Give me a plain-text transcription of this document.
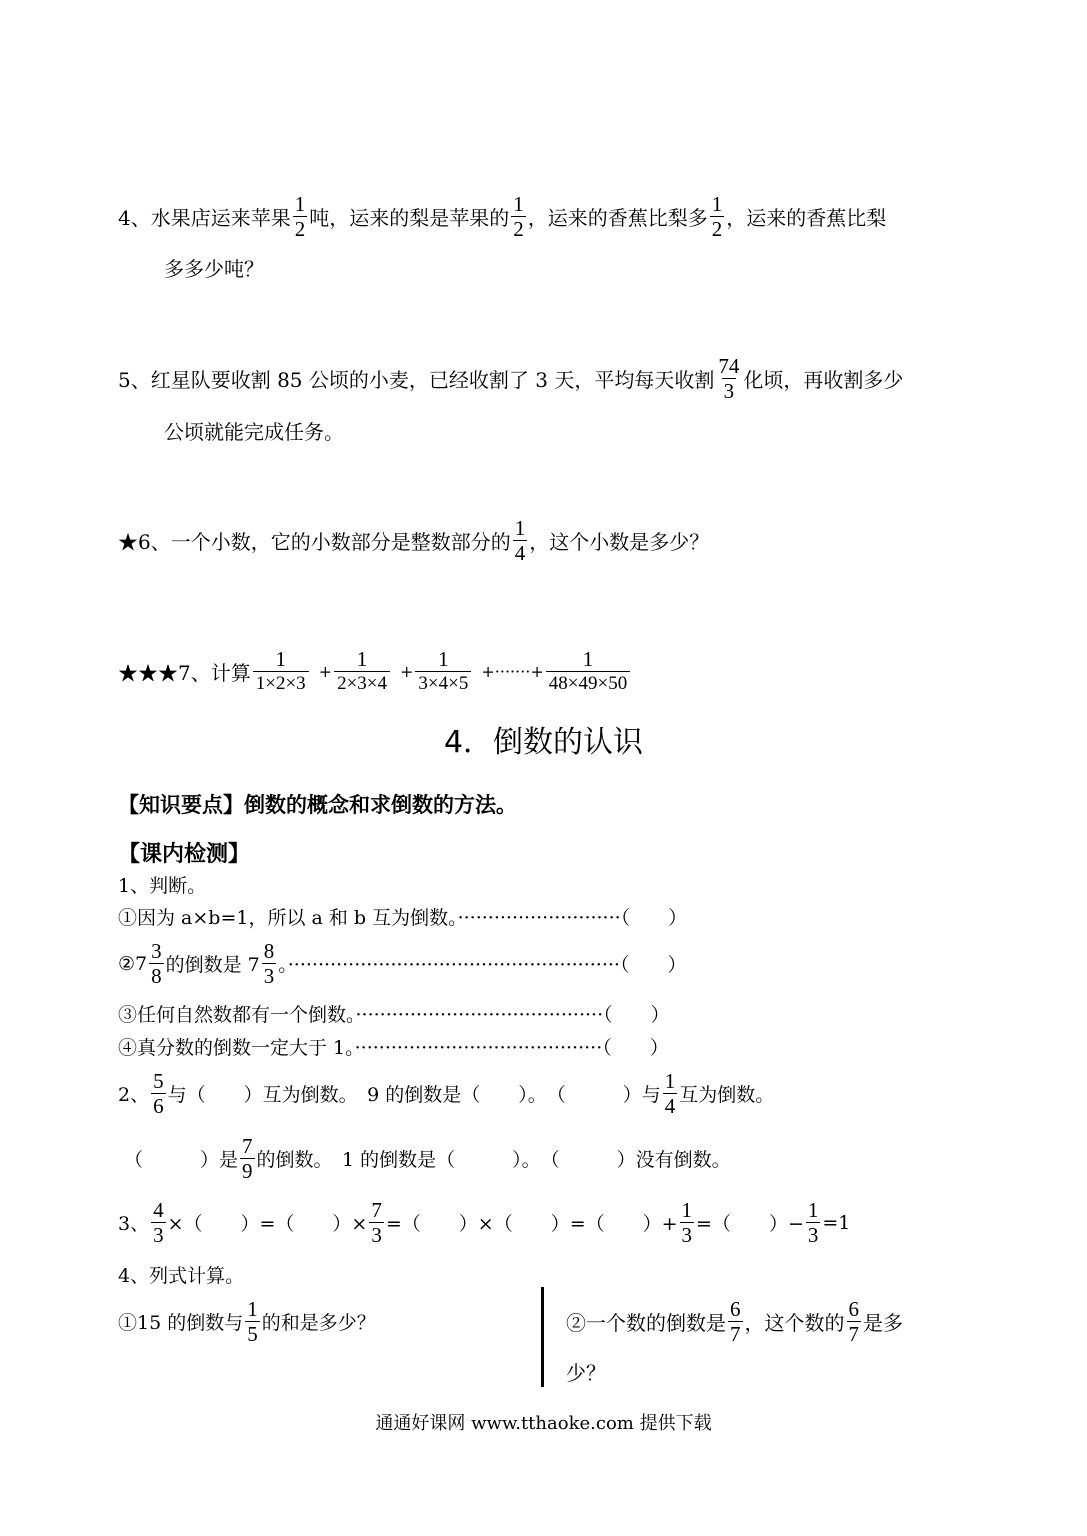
4、水果店运来苹果 $\frac{1}{2}$ 吨，运来的梨是苹果的 $\frac{1}{2}$ ，运来的香蕉比梨多 $\frac{1}{2}$ ，运来的香蕉比梨
多多少吨？
5、红星队要收割 85 公顷的小麦，已经收割了 3 天，平均每天收割 $\frac{74}{3}$ 化顷，再收割多少
公顷就能完成任务。
★6、一个小数，它的小数部分是整数部分的 $\frac{1}{4}$ ，这个小数是多少？
★★★7、计算 $\frac{1}{1\times 2\times 3} + \frac{1}{2\times 3\times 4} + \frac{1}{3\times 4\times 5}$ +·······+ $\frac{1}{48\times 49\times 50}$
4．倒数的认识
【知识要点】 倒数的概念和求倒数的方法。
【课内检测】
1、判断。
①因为 a×b=1，所以 a 和 b 互为倒数。···························（　　）
②7 $\frac{3}{8}$ 的倒数是 $7 \frac{8}{3}$ 。·······················································（　　）
③任何自然数都有一个倒数。·········································（　　）
④真分数的倒数一定大于 1。·········································（　　）
2、 $\frac{5}{6}$ 与（　　）互为倒数。　9 的倒数是（　　）。　（　　　）与 $\frac{1}{4}$ 互为倒数。
（　　　）是 $\frac{7}{9}$ 的倒数。　1 的倒数是（　　　）。　（　　　）没有倒数。
3、 $\frac{4}{3}$ ×（　　）=（　　）× $\frac{7}{3}$ =（　　）×（　　）=（　　）+ $\frac{1}{3}$ =（　　）− $\frac{1}{3} =1$
4、列式计算。
①15 的倒数与 $\frac{1}{5}$ 的和是多少？	②一个数的倒数是 $\frac{6}{7}$ ，这个数的 $\frac{6}{7}$ 是多
少？
通通好课网 www.tthaoke.com 提供下载
